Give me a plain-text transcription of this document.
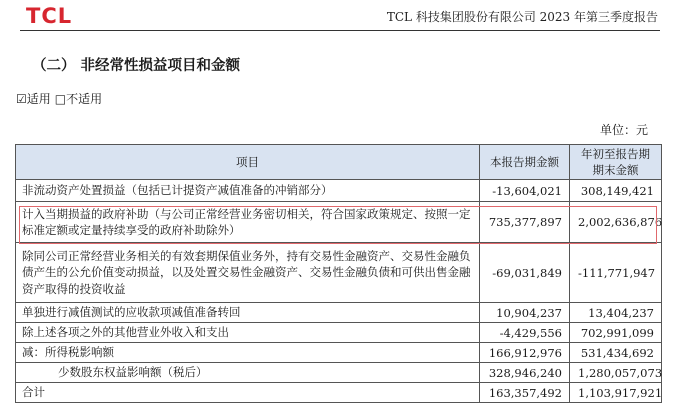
TCL	TCL 科技集团股份有限公司 2023 年第三季度报告
（二） 非经常性损益项目和金额
☑ 适用 □ 不适用
单位：元
项目	本报告期金额	年初至报告期
期末金额

非流动资产处置损益（包括已计提资产减值准备的冲销部分）	-13,604,021	308,149,421
计入当期损益的政府补助（与公司正常经营业务密切相关，符合国家政策规定、按照一定标准定额或定量持续享受的政府补助除外）	735,377,897	2,002,636,876
除同公司正常经营业务相关的有效套期保值业务外，持有交易性金融资产、交易性金融负债产生的公允价值变动损益，以及处置交易性金融资产、交易性金融负债和可供出售金融资产取得的投资收益	-69,031,849	-111,771,947
单独进行减值测试的应收款项减值准备转回	10,904,237	13,404,237
除上述各项之外的其他营业外收入和支出	-4,429,556	702,991,099
减：所得税影响额	166,912,976	531,434,692
少数股东权益影响额（税后）	328,946,240	1,280,057,073
合计	163,357,492	1,103,917,921
